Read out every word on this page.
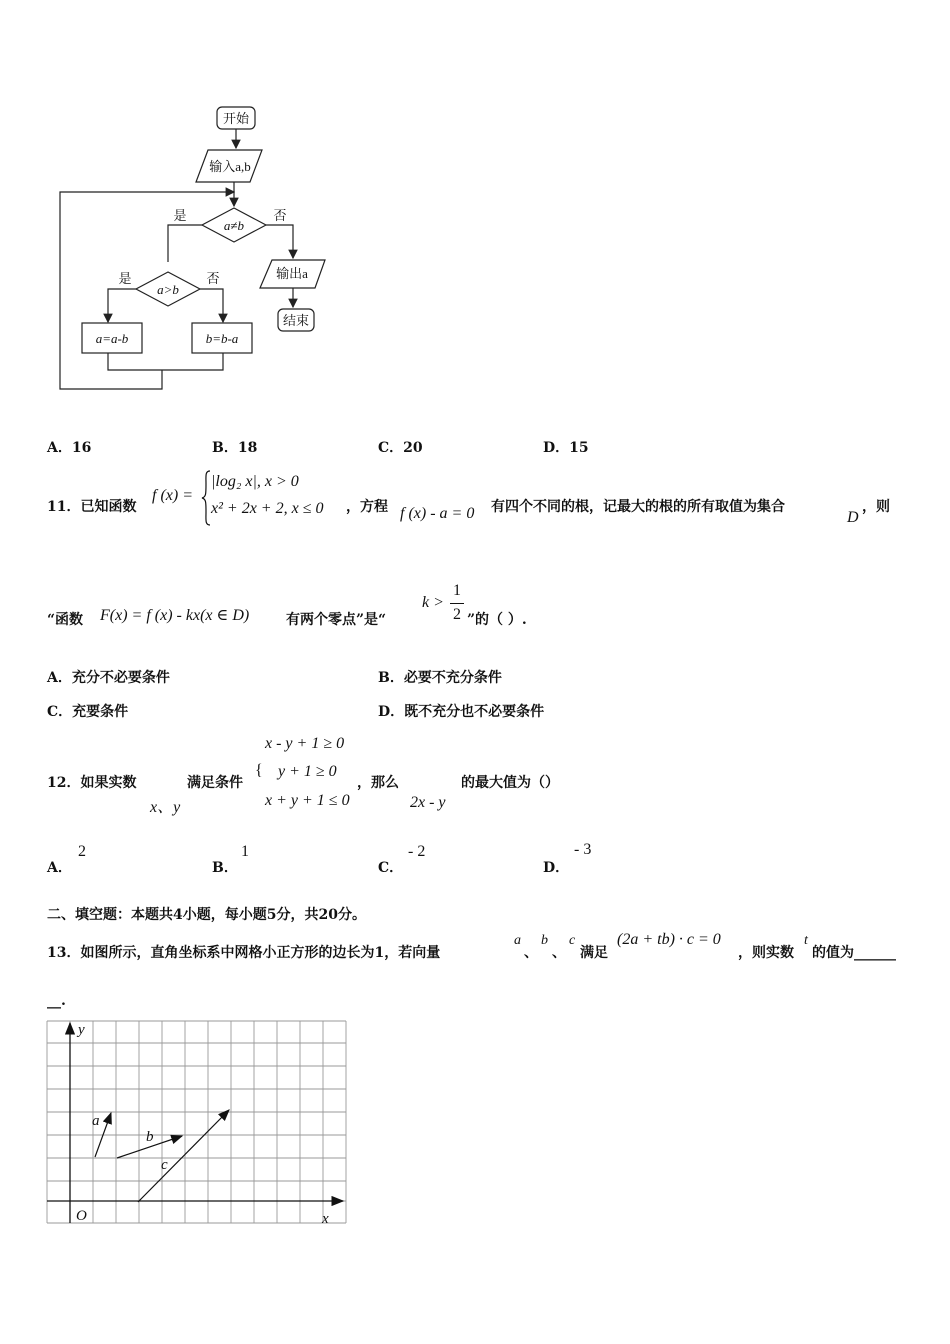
开始
输入a,b
a≠b
是	否
输出a
结束
a>b
是	否
a=a-b	b=b-a
A．16	B．18	C．20	D．15
11．已知函数
f (x) =
|log₂ x|, x > 0
x² + 2x + 2, x ≤ 0 ，方程 f (x) - a = 0 有四个不同的根，记最大的根的所有取值为集合
D
，则
“函数 F(x) = f (x) - kx(x ∈ D)	有两个零点”是“
k >
1
2 ”的（ ）.
A．充分不必要条件	B．必要不充分条件
C．充要条件	D．既不充分也不必要条件
x - y + 1 ≥ 0
12．如果实数	满足条件
{ y + 1 ≥ 0
，那么	的最大值为（）
x、y	x + y + 1 ≤ 0	2x - y
A．
2
B．
1
C．
- 2
D．
- 3
二、填空题：本题共4小题，每小题5分，共20分。
13．如图所示，直角坐标系中网格小正方形的边长为1，若向量
a
、
b
、
c
满足
(2a + tb) · c = 0
，则实数
t
的值为______
__.
y
x
O
a
b
c
